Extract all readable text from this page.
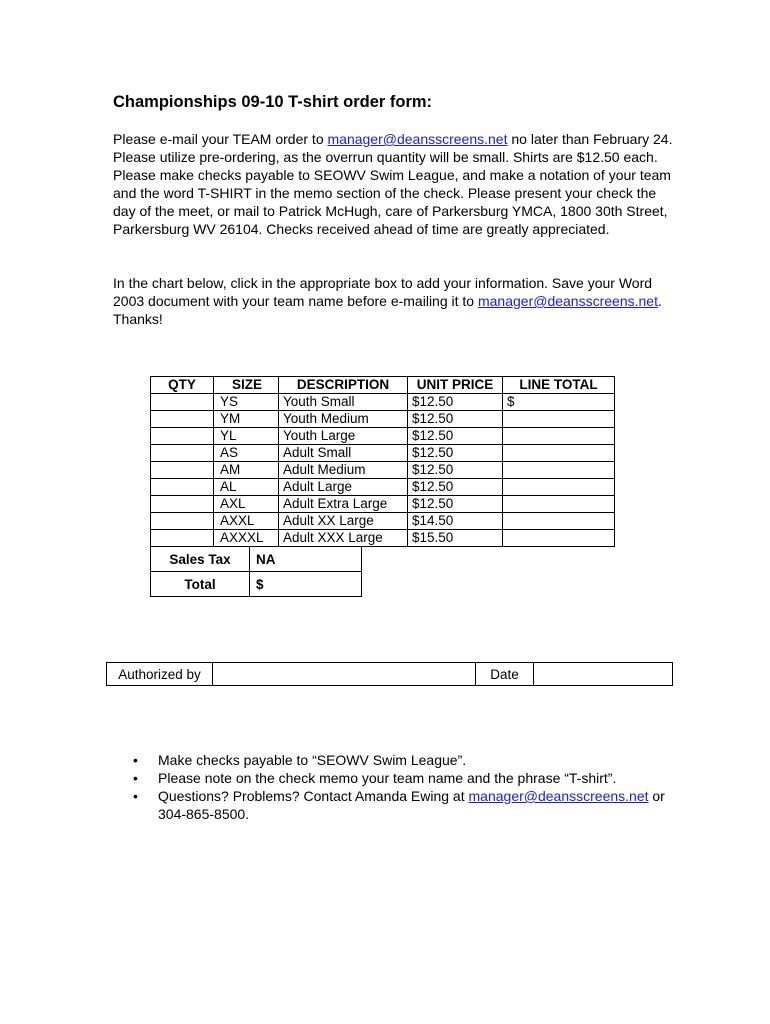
Championships 09-10 T-shirt order form:

Please e-mail your TEAM order to manager@deansscreens.net no later than February 24. Please utilize pre-ordering, as the overrun quantity will be small. Shirts are $12.50 each. Please make checks payable to SEOWV Swim League, and make a notation of your team and the word T-SHIRT in the memo section of the check. Please present your check the day of the meet, or mail to Patrick McHugh, care of Parkersburg YMCA, 1800 30th Street, Parkersburg WV 26104. Checks received ahead of time are greatly appreciated.

In the chart below, click in the appropriate box to add your information. Save your Word 2003 document with your team name before e-mailing it to manager@deansscreens.net. Thanks!

QTY	SIZE	DESCRIPTION	UNIT PRICE	LINE TOTAL
	YS	Youth Small	$12.50	$
	YM	Youth Medium	$12.50	
	YL	Youth Large	$12.50	
	AS	Adult Small	$12.50	
	AM	Adult Medium	$12.50	
	AL	Adult Large	$12.50	
	AXL	Adult Extra Large	$12.50	
	AXXL	Adult XX Large	$14.50	
	AXXXL	Adult XXX Large	$15.50	
Sales Tax	NA
Total	$
Authorized by		Date	
• Make checks payable to “SEOWV Swim League”.
• Please note on the check memo your team name and the phrase “T-shirt”.
• Questions? Problems? Contact Amanda Ewing at manager@deansscreens.net or 304-865-8500.
